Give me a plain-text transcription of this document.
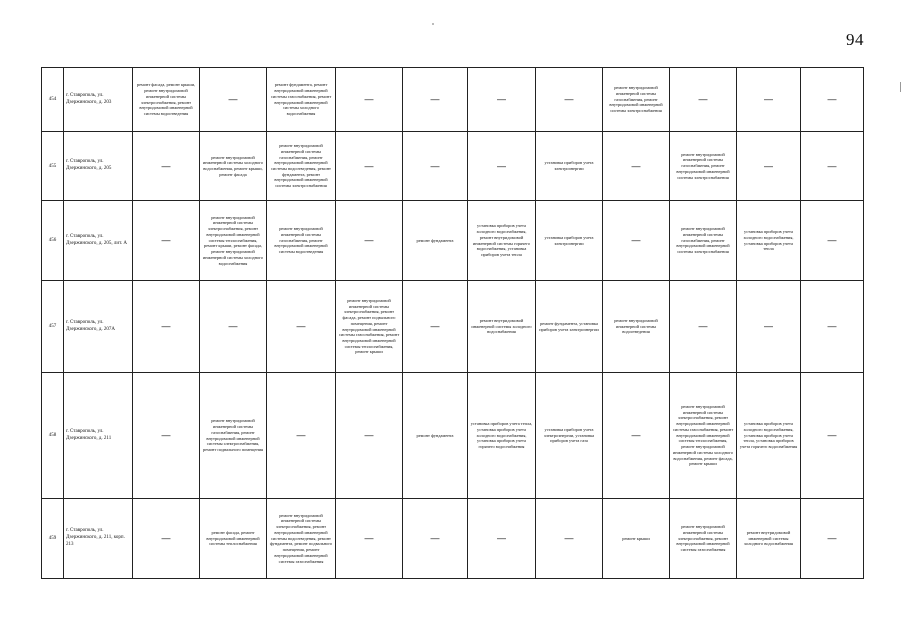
94
454	г. Ставрополь, ул. Дзержинского, д. 203	ремонт фасада, ремонт крыши, ремонт внутридомовой инженерной системы электроснабжения, ремонт внутридомовой инженерной системы водоотведения	—	ремонт фундамента, ремонт внутридомовой инженерной системы газоснабжения, ремонт внутридомовой инженерной системы холодного водоснабжения	—	—	—	—	ремонт внутридомовой инженерной системы газоснабжения, ремонт внутридомовой инженерной системы электроснабжения	—	—	—
455	г. Ставрополь, ул. Дзержинского, д. 205	—	ремонт внутридомовой инженерной системы холодного водоснабжения, ремонт крыши, ремонт фасада	ремонт внутридомовой инженерной системы газоснабжения, ремонт внутридомовой инженерной системы водоотведения, ремонт фундамента, ремонт внутридомовой инженерной системы электроснабжения	—	—	—	установка приборов учета электроэнергии	—	ремонт внутридомовой инженерной системы газоснабжения, ремонт внутридомовой инженерной системы электроснабжения	—	—
456	г. Ставрополь, ул. Дзержинского, д. 205, лит. А	—	ремонт внутридомовой инженерной системы электроснабжения, ремонт внутридомовой инженерной системы теплоснабжения, ремонт крыши, ремонт фасада, ремонт внутридомовой инженерной системы холодного водоснабжения	ремонт внутридомовой инженерной системы газоснабжения, ремонт внутридомовой инженерной системы водоотведения	—	ремонт фундамента	установка приборов учета холодного водоснабжения, ремонт внутридомовой инженерной системы горячего водоснабжения, установка приборов учета тепла	установка приборов учета электроэнергии	—	ремонт внутридомовой инженерной системы газоснабжения, ремонт внутридомовой инженерной системы электроснабжения	установка приборов учета холодного водоснабжения, установка приборов учета тепла	—
457	г. Ставрополь, ул. Дзержинского, д. 207А	—	—	—	ремонт внутридомовой инженерной системы электроснабжения, ремонт фасада, ремонт подвального помещения, ремонт внутридомовой инженерной системы газоснабжения, ремонт внутридомовой инженерной системы теплоснабжения, ремонт крыши	—	ремонт внутридомовой инженерной системы холодного водоснабжения	ремонт фундамента, установка приборов учета электроэнергии	ремонт внутридомовой инженерной системы водоотведения	—	—	—
458	г. Ставрополь, ул. Дзержинского, д. 211	—	ремонт внутридомовой инженерной системы газоснабжения, ремонт внутридомовой инженерной системы электроснабжения, ремонт подвального помещения	—	—	ремонт фундамента	установка приборов учета тепла, установка приборов учета холодного водоснабжения, установка приборов учета горячего водоснабжения	установка приборов учета электроэнергии, установка приборов учета газа	—	ремонт внутридомовой инженерной системы электроснабжения, ремонт внутридомовой инженерной системы газоснабжения, ремонт внутридомовой инженерной системы теплоснабжения, ремонт внутридомовой инженерной системы холодного водоснабжения, ремонт фасада, ремонт крыши	установка приборов учета холодного водоснабжения, установка приборов учета тепла, установка приборов учета горячего водоснабжения	—
459	г. Ставрополь, ул. Дзержинского, д. 211, корп. 213	—	ремонт фасада, ремонт внутридомовой инженерной системы теплоснабжения	ремонт внутридомовой инженерной системы электроснабжения, ремонт внутридомовой инженерной системы водоотведения, ремонт фундамента, ремонт подвального помещения, ремонт внутридомовой инженерной системы газоснабжения	—	—	—	—	ремонт крыши	ремонт внутридомовой инженерной системы электроснабжения, ремонт внутридомовой инженерной системы газоснабжения	ремонт внутридомовой инженерной системы холодного водоснабжения	—
